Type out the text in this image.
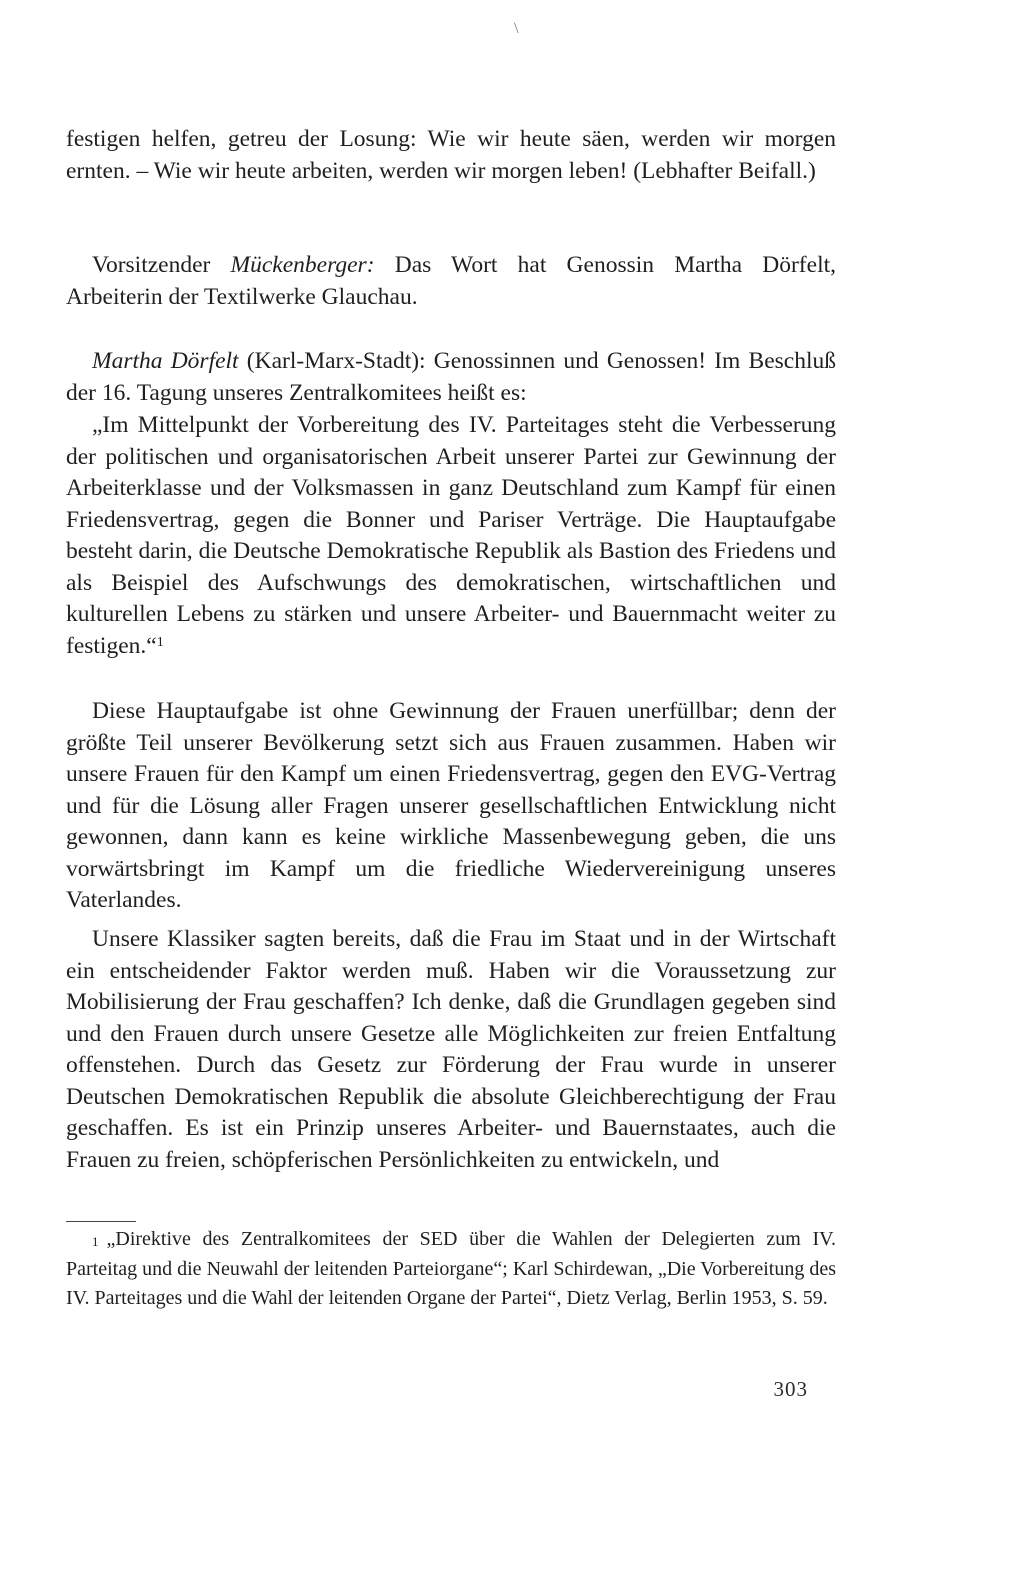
\

festigen helfen, getreu der Losung: Wie wir heute säen, werden wir morgen ernten. – Wie wir heute arbeiten, werden wir morgen leben! (Lebhafter Beifall.)

Vorsitzender Mückenberger: Das Wort hat Genossin Martha Dörfelt, Arbeiterin der Textilwerke Glauchau.

Martha Dörfelt (Karl-Marx-Stadt): Genossinnen und Genossen! Im Beschluß der 16. Tagung unseres Zentralkomitees heißt es:

„Im Mittelpunkt der Vorbereitung des IV. Parteitages steht die Verbesserung der politischen und organisatorischen Arbeit unserer Partei zur Gewinnung der Arbeiterklasse und der Volksmassen in ganz Deutschland zum Kampf für einen Friedensvertrag, gegen die Bonner und Pariser Verträge. Die Hauptaufgabe besteht darin, die Deutsche Demokratische Republik als Bastion des Friedens und als Beispiel des Aufschwungs des demokratischen, wirtschaftlichen und kulturellen Lebens zu stärken und unsere Arbeiter- und Bauernmacht weiter zu festigen.“$^1$

Diese Hauptaufgabe ist ohne Gewinnung der Frauen unerfüllbar; denn der größte Teil unserer Bevölkerung setzt sich aus Frauen zusammen. Haben wir unsere Frauen für den Kampf um einen Friedensvertrag, gegen den EVG-Vertrag und für die Lösung aller Fragen unserer gesellschaftlichen Entwicklung nicht gewonnen, dann kann es keine wirkliche Massenbewegung geben, die uns vorwärtsbringt im Kampf um die friedliche Wiedervereinigung unseres Vaterlandes.

Unsere Klassiker sagten bereits, daß die Frau im Staat und in der Wirtschaft ein entscheidender Faktor werden muß. Haben wir die Voraussetzung zur Mobilisierung der Frau geschaffen? Ich denke, daß die Grundlagen gegeben sind und den Frauen durch unsere Gesetze alle Möglichkeiten zur freien Entfaltung offenstehen. Durch das Gesetz zur Förderung der Frau wurde in unserer Deutschen Demokratischen Republik die absolute Gleichberechtigung der Frau geschaffen. Es ist ein Prinzip unseres Arbeiter- und Bauernstaates, auch die Frauen zu freien, schöpferischen Persönlichkeiten zu entwickeln, und

$^1$ „Direktive des Zentralkomitees der SED über die Wahlen der Delegierten zum IV. Parteitag und die Neuwahl der leitenden Parteiorgane“; Karl Schirdewan, „Die Vorbereitung des IV. Parteitages und die Wahl der leitenden Organe der Partei“, Dietz Verlag, Berlin 1953, S. 59.

303
